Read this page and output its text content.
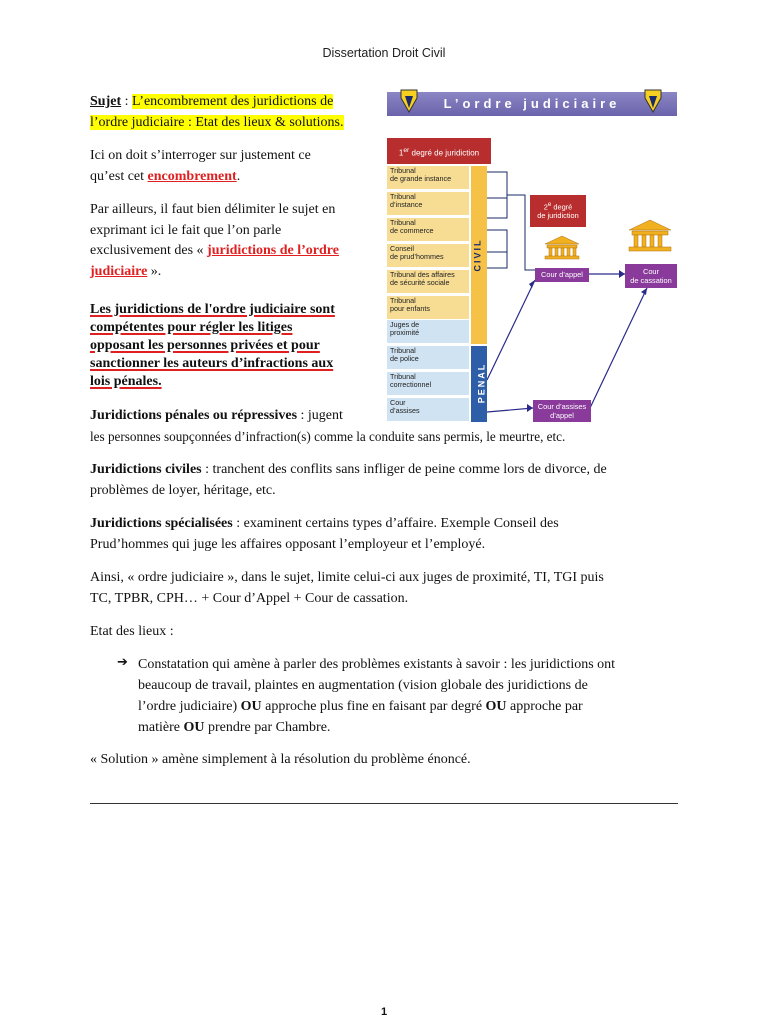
Dissertation Droit Civil
Sujet : L’encombrement des juridictions de
l’ordre judiciaire : Etat des lieux & solutions.
Ici on doit s’interroger sur justement ce
qu’est cet encombrement.
Par ailleurs, il faut bien délimiter le sujet en
exprimant ici le fait que l’on parle
exclusivement des « juridictions de l’ordre
judiciaire ».
Les juridictions de l'ordre judiciaire sont
compétentes pour régler les litiges
opposant les personnes privées et pour
sanctionner les auteurs d’infractions aux
lois pénales.
Juridictions pénales ou répressives : jugent
les personnes soupçonnées d’infraction(s) comme la conduite sans permis, le meurtre, etc.
Juridictions civiles : tranchent des conflits sans infliger de peine comme lors de divorce, de
problèmes de loyer, héritage, etc.
Juridictions spécialisées : examinent certains types d’affaire. Exemple Conseil des
Prud’hommes qui juge les affaires opposant l’employeur et l’employé.
Ainsi, « ordre judiciaire », dans le sujet, limite celui-ci aux juges de proximité, TI, TGI puis
TC, TPBR, CPH… + Cour d’Appel + Cour de cassation.
Etat des lieux :
➔ Constatation qui amène à parler des problèmes existants à savoir : les juridictions ont
beaucoup de travail, plaintes en augmentation (vision globale des juridictions de
l’ordre judiciaire) OU approche plus fine en faisant par degré OU approche par
matière OU prendre par Chambre.
« Solution » amène simplement à la résolution du problème énoncé.
1
L’ordre judiciaire
1er degré de juridiction
Tribunal
de grande instance
Tribunal
d’instance
Tribunal
de commerce
Conseil
de prud’hommes
Tribunal des affaires
de sécurité sociale
Tribunal
pour enfants
Juges de
proximité
Tribunal
de police
Tribunal
correctionnel
Cour
d’assises
CIVIL
PENAL
2e degré
de juridiction
Cour d’appel	Cour
de cassation
Cour d’assises
d’appel
